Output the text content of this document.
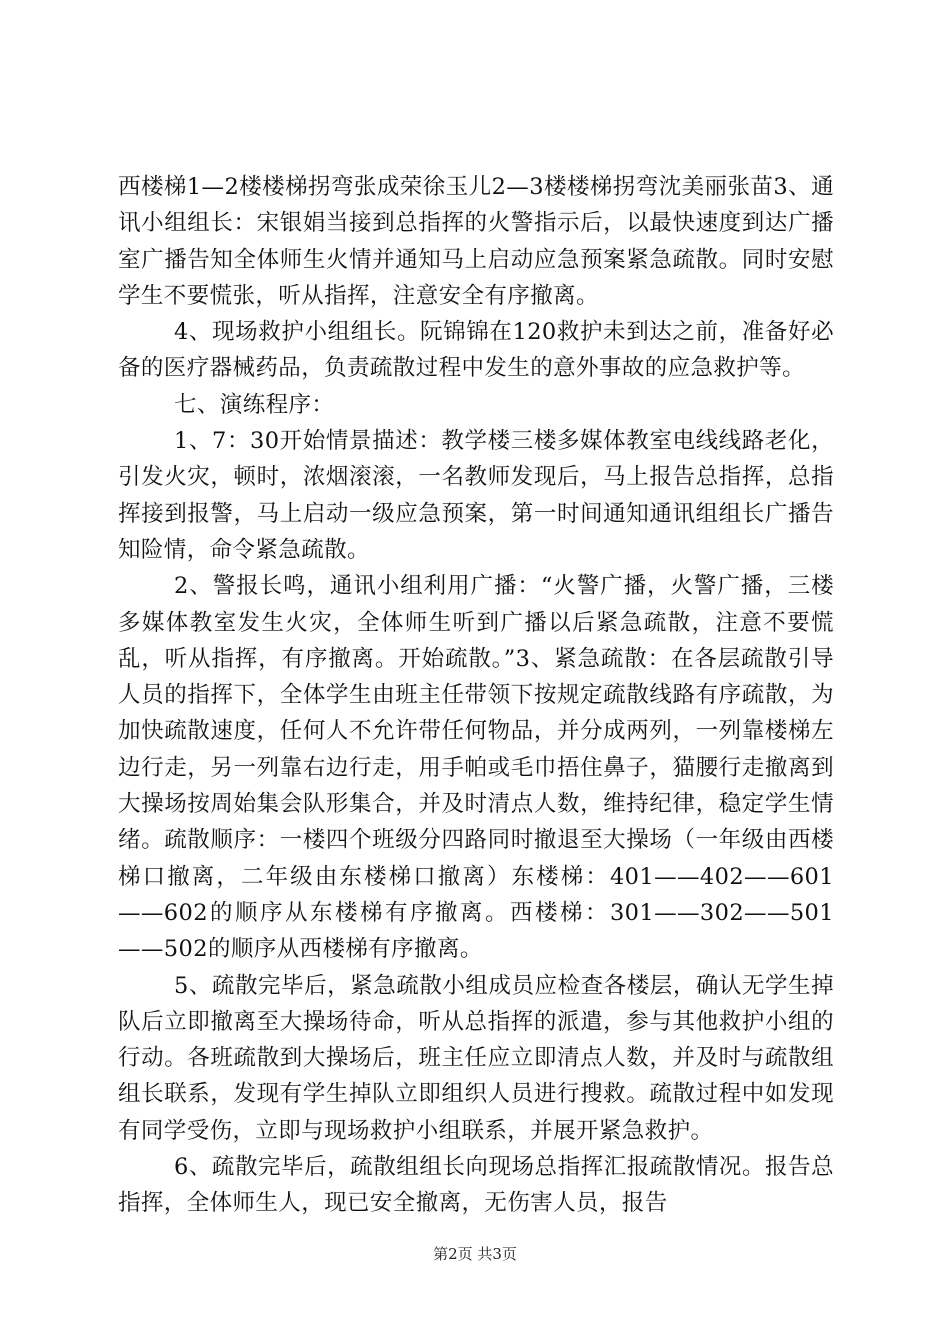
西楼梯1—2楼楼梯拐弯张成荣徐玉儿2—3楼楼梯拐弯沈美丽张苗3、通讯小组组长：宋银娟当接到总指挥的火警指示后，以最快速度到达广播室广播告知全体师生火情并通知马上启动应急预案紧急疏散。同时安慰学生不要慌张，听从指挥，注意安全有序撤离。

4、现场救护小组组长。阮锦锦在120救护未到达之前，准备好必备的医疗器械药品，负责疏散过程中发生的意外事故的应急救护等。

七、演练程序：

1、7：30开始情景描述：教学楼三楼多媒体教室电线线路老化，引发火灾，顿时，浓烟滚滚，一名教师发现后，马上报告总指挥，总指挥接到报警，马上启动一级应急预案，第一时间通知通讯组组长广播告知险情，命令紧急疏散。

2、警报长鸣，通讯小组利用广播：“火警广播，火警广播，三楼多媒体教室发生火灾，全体师生听到广播以后紧急疏散，注意不要慌乱，听从指挥，有序撤离。开始疏散。”3、紧急疏散：在各层疏散引导人员的指挥下，全体学生由班主任带领下按规定疏散线路有序疏散，为加快疏散速度，任何人不允许带任何物品，并分成两列，一列靠楼梯左边行走，另一列靠右边行走，用手帕或毛巾捂住鼻子，猫腰行走撤离到大操场按周始集会队形集合，并及时清点人数，维持纪律，稳定学生情绪。疏散顺序：一楼四个班级分四路同时撤退至大操场（一年级由西楼梯口撤离，二年级由东楼梯口撤离）东楼梯：401——402——601——602的顺序从东楼梯有序撤离。西楼梯：301——302——501——502的顺序从西楼梯有序撤离。

5、疏散完毕后，紧急疏散小组成员应检查各楼层，确认无学生掉队后立即撤离至大操场待命，听从总指挥的派遣，参与其他救护小组的行动。各班疏散到大操场后，班主任应立即清点人数，并及时与疏散组组长联系，发现有学生掉队立即组织人员进行搜救。疏散过程中如发现有同学受伤，立即与现场救护小组联系，并展开紧急救护。

6、疏散完毕后，疏散组组长向现场总指挥汇报疏散情况。报告总指挥，全体师生人，现已安全撤离，无伤害人员，报告

第2页 共3页
